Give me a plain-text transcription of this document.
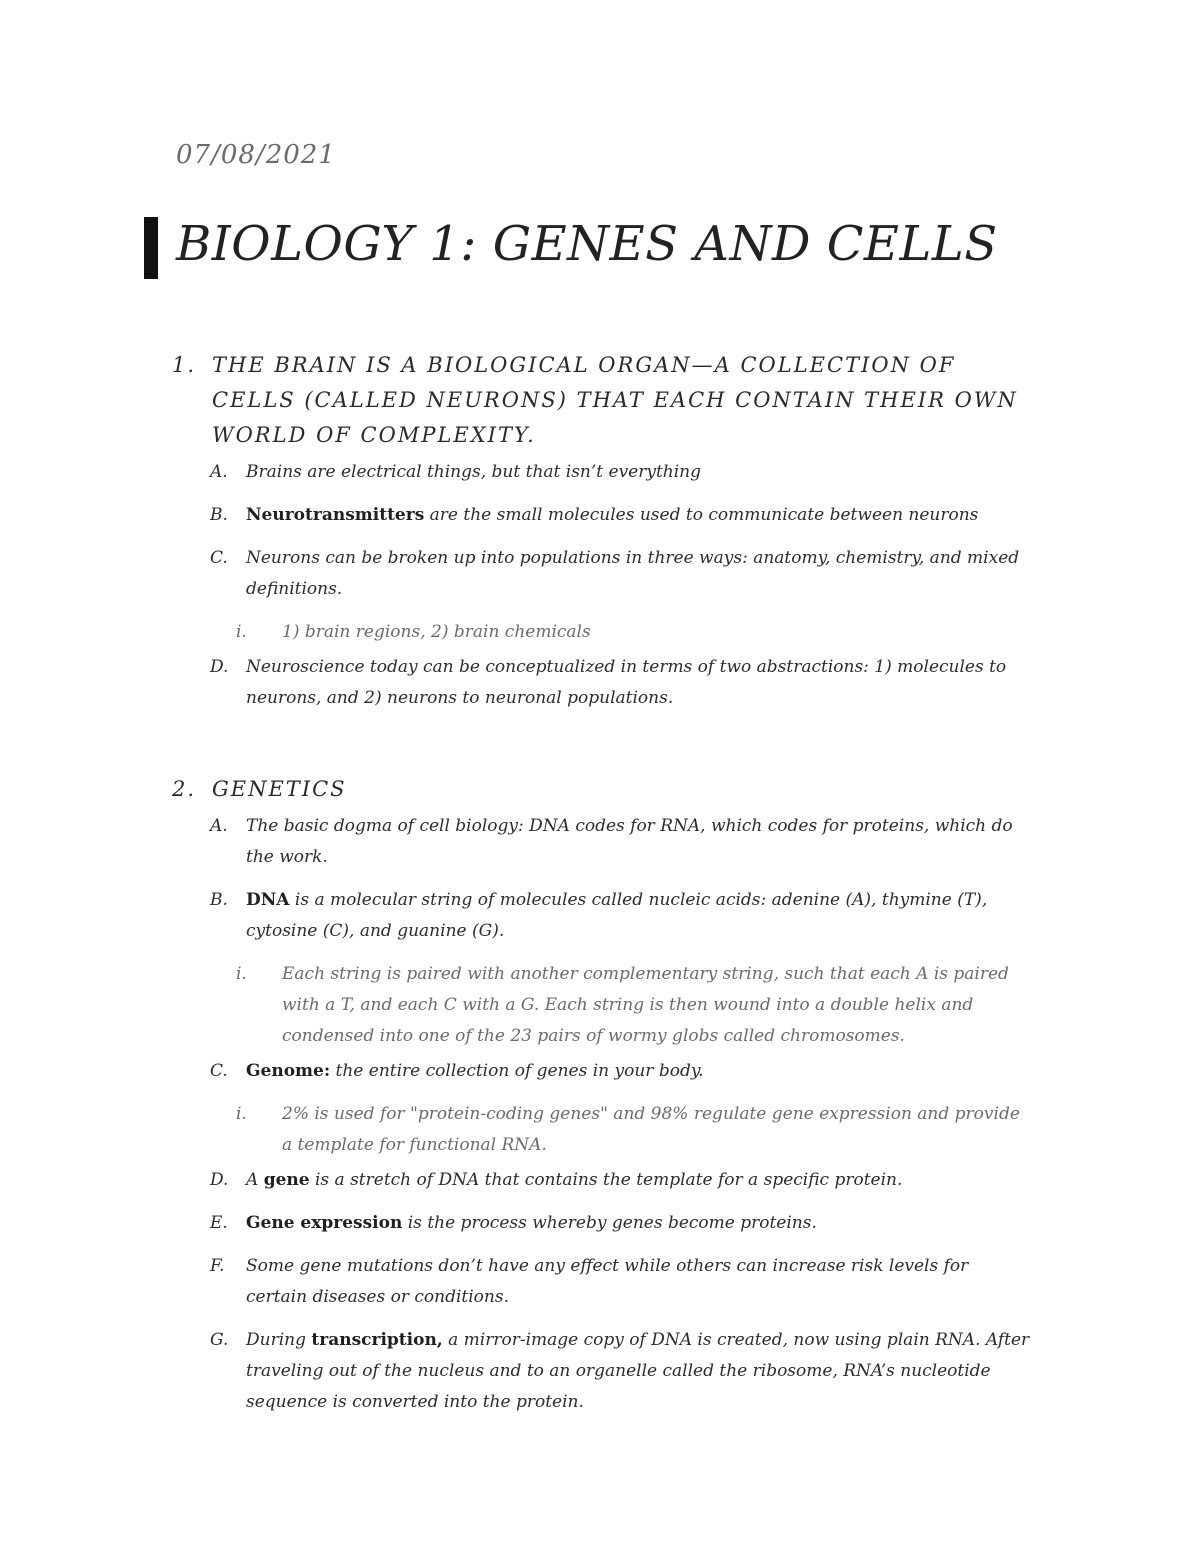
07/08/2021
BIOLOGY 1: GENES AND CELLS
1. THE BRAIN IS A BIOLOGICAL ORGAN—A COLLECTION OF CELLS (CALLED NEURONS) THAT EACH CONTAIN THEIR OWN WORLD OF COMPLEXITY.
A.	Brains are electrical things, but that isn’t everything
B.	Neurotransmitters are the small molecules used to communicate between neurons
C.	Neurons can be broken up into populations in three ways: anatomy, chemistry, and mixed definitions.
i.	1) brain regions, 2) brain chemicals
D.	Neuroscience today can be conceptualized in terms of two abstractions: 1) molecules to neurons, and 2) neurons to neuronal populations.
2. GENETICS
A.	The basic dogma of cell biology: DNA codes for RNA, which codes for proteins, which do the work.
B.	DNA is a molecular string of molecules called nucleic acids: adenine (A), thymine (T), cytosine (C), and guanine (G).
i.	Each string is paired with another complementary string, such that each A is paired with a T, and each C with a G. Each string is then wound into a double helix and condensed into one of the 23 pairs of wormy globs called chromosomes.
C.	Genome: the entire collection of genes in your body.
i.	2% is used for "protein-coding genes" and 98% regulate gene expression and provide a template for functional RNA.
D.	A gene is a stretch of DNA that contains the template for a specific protein.
E.	Gene expression is the process whereby genes become proteins.
F.	Some gene mutations don’t have any effect while others can increase risk levels for certain diseases or conditions.
G.	During transcription, a mirror-image copy of DNA is created, now using plain RNA. After traveling out of the nucleus and to an organelle called the ribosome, RNA’s nucleotide sequence is converted into the protein.
